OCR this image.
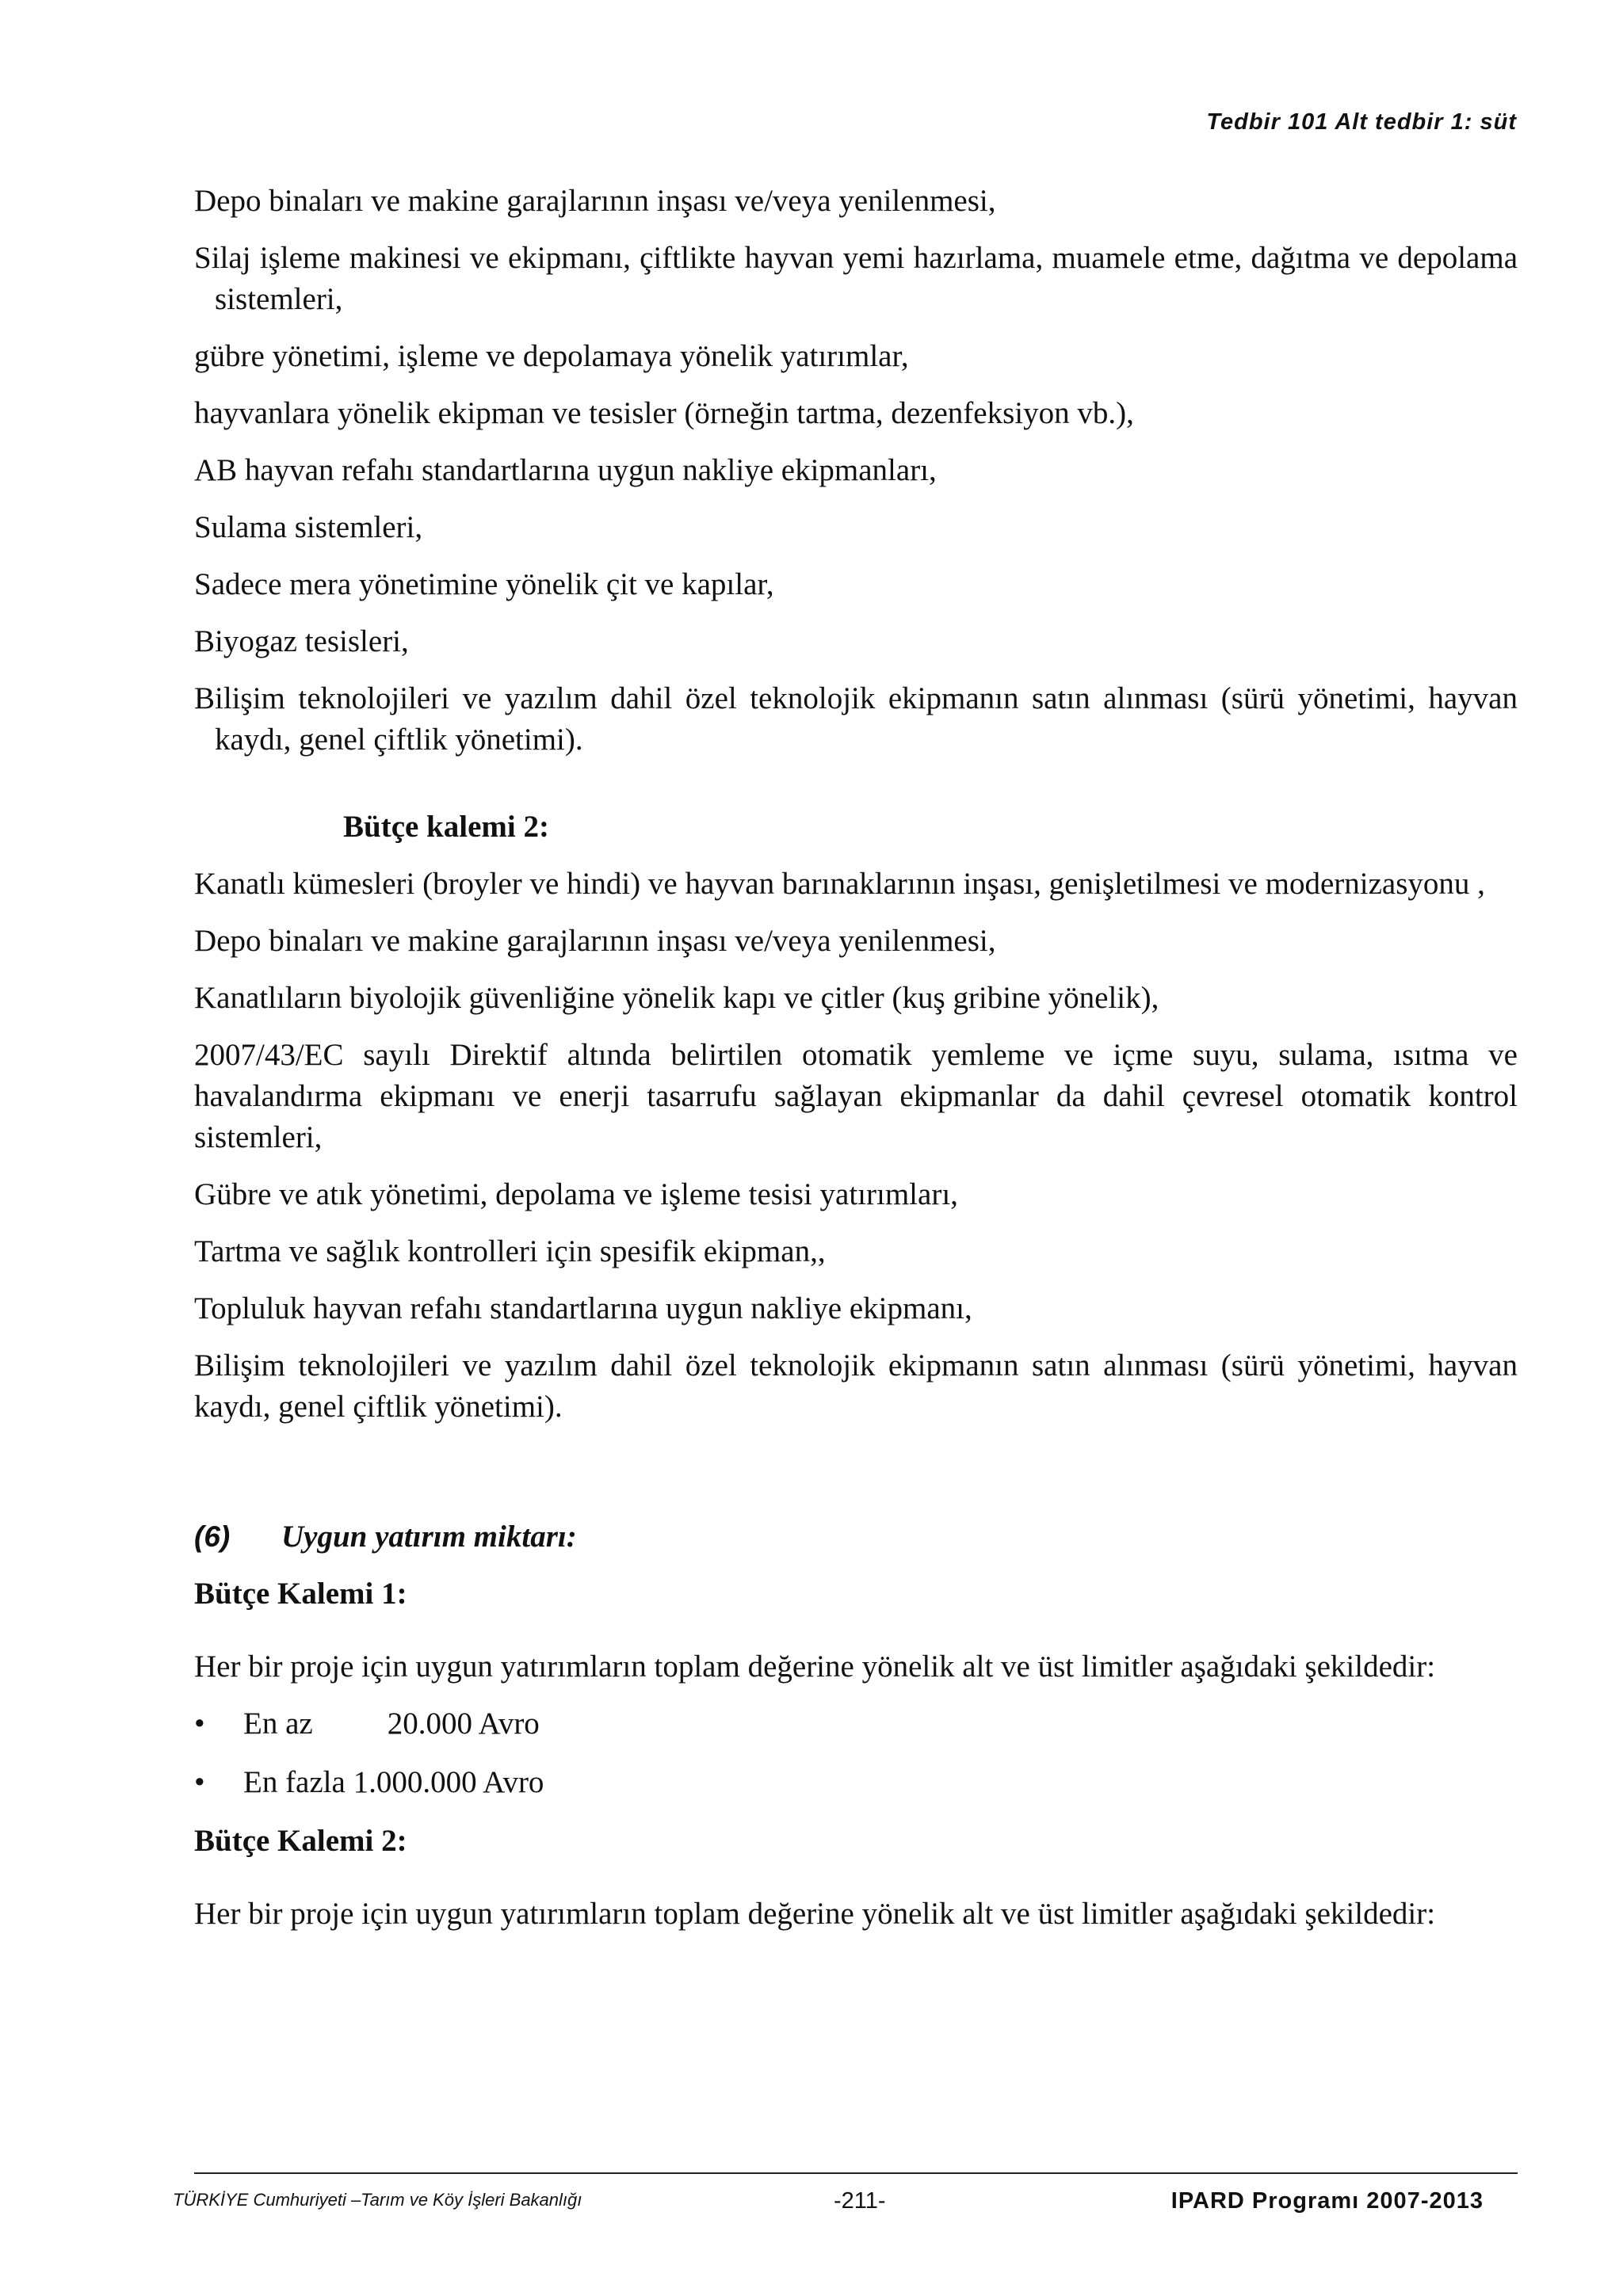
Tedbir 101 Alt tedbir 1: süt

Depo binaları ve makine garajlarının inşası ve/veya yenilenmesi,

Silaj işleme makinesi ve ekipmanı, çiftlikte hayvan yemi hazırlama, muamele etme, dağıtma ve depolama sistemleri,

gübre yönetimi, işleme ve depolamaya yönelik yatırımlar,

hayvanlara yönelik ekipman ve tesisler (örneğin tartma, dezenfeksiyon vb.),

AB hayvan refahı standartlarına uygun nakliye ekipmanları,

Sulama sistemleri,

Sadece mera yönetimine yönelik çit ve kapılar,

Biyogaz tesisleri,

Bilişim teknolojileri ve yazılım dahil özel teknolojik ekipmanın satın alınması (sürü yönetimi, hayvan kaydı, genel çiftlik yönetimi).

Bütçe kalemi 2:

Kanatlı kümesleri (broyler ve hindi) ve hayvan barınaklarının inşası, genişletilmesi ve modernizasyonu ,

Depo binaları ve makine garajlarının inşası ve/veya yenilenmesi,

Kanatlıların biyolojik güvenliğine yönelik kapı ve çitler (kuş gribine yönelik),

2007/43/EC sayılı Direktif altında belirtilen otomatik yemleme ve içme suyu, sulama, ısıtma ve havalandırma ekipmanı ve enerji tasarrufu sağlayan ekipmanlar da dahil çevresel otomatik kontrol sistemleri,

Gübre ve atık yönetimi, depolama ve işleme tesisi yatırımları,

Tartma ve sağlık kontrolleri için spesifik ekipman,,

Topluluk hayvan refahı standartlarına uygun nakliye ekipmanı,

Bilişim teknolojileri ve yazılım dahil özel teknolojik ekipmanın satın alınması (sürü yönetimi, hayvan kaydı, genel çiftlik yönetimi).

(6)	Uygun yatırım miktarı:
Bütçe Kalemi 1:

Her bir proje için uygun yatırımların toplam değerine yönelik alt ve üst limitler aşağıdaki şekildedir:

•	En az 20.000 Avro
•	En fazla 1.000.000 Avro
Bütçe Kalemi 2:

Her bir proje için uygun yatırımların toplam değerine yönelik alt ve üst limitler aşağıdaki şekildedir:

TÜRKİYE Cumhuriyeti –Tarım ve Köy İşleri Bakanlığı	-211-	IPARD Programı 2007-2013
